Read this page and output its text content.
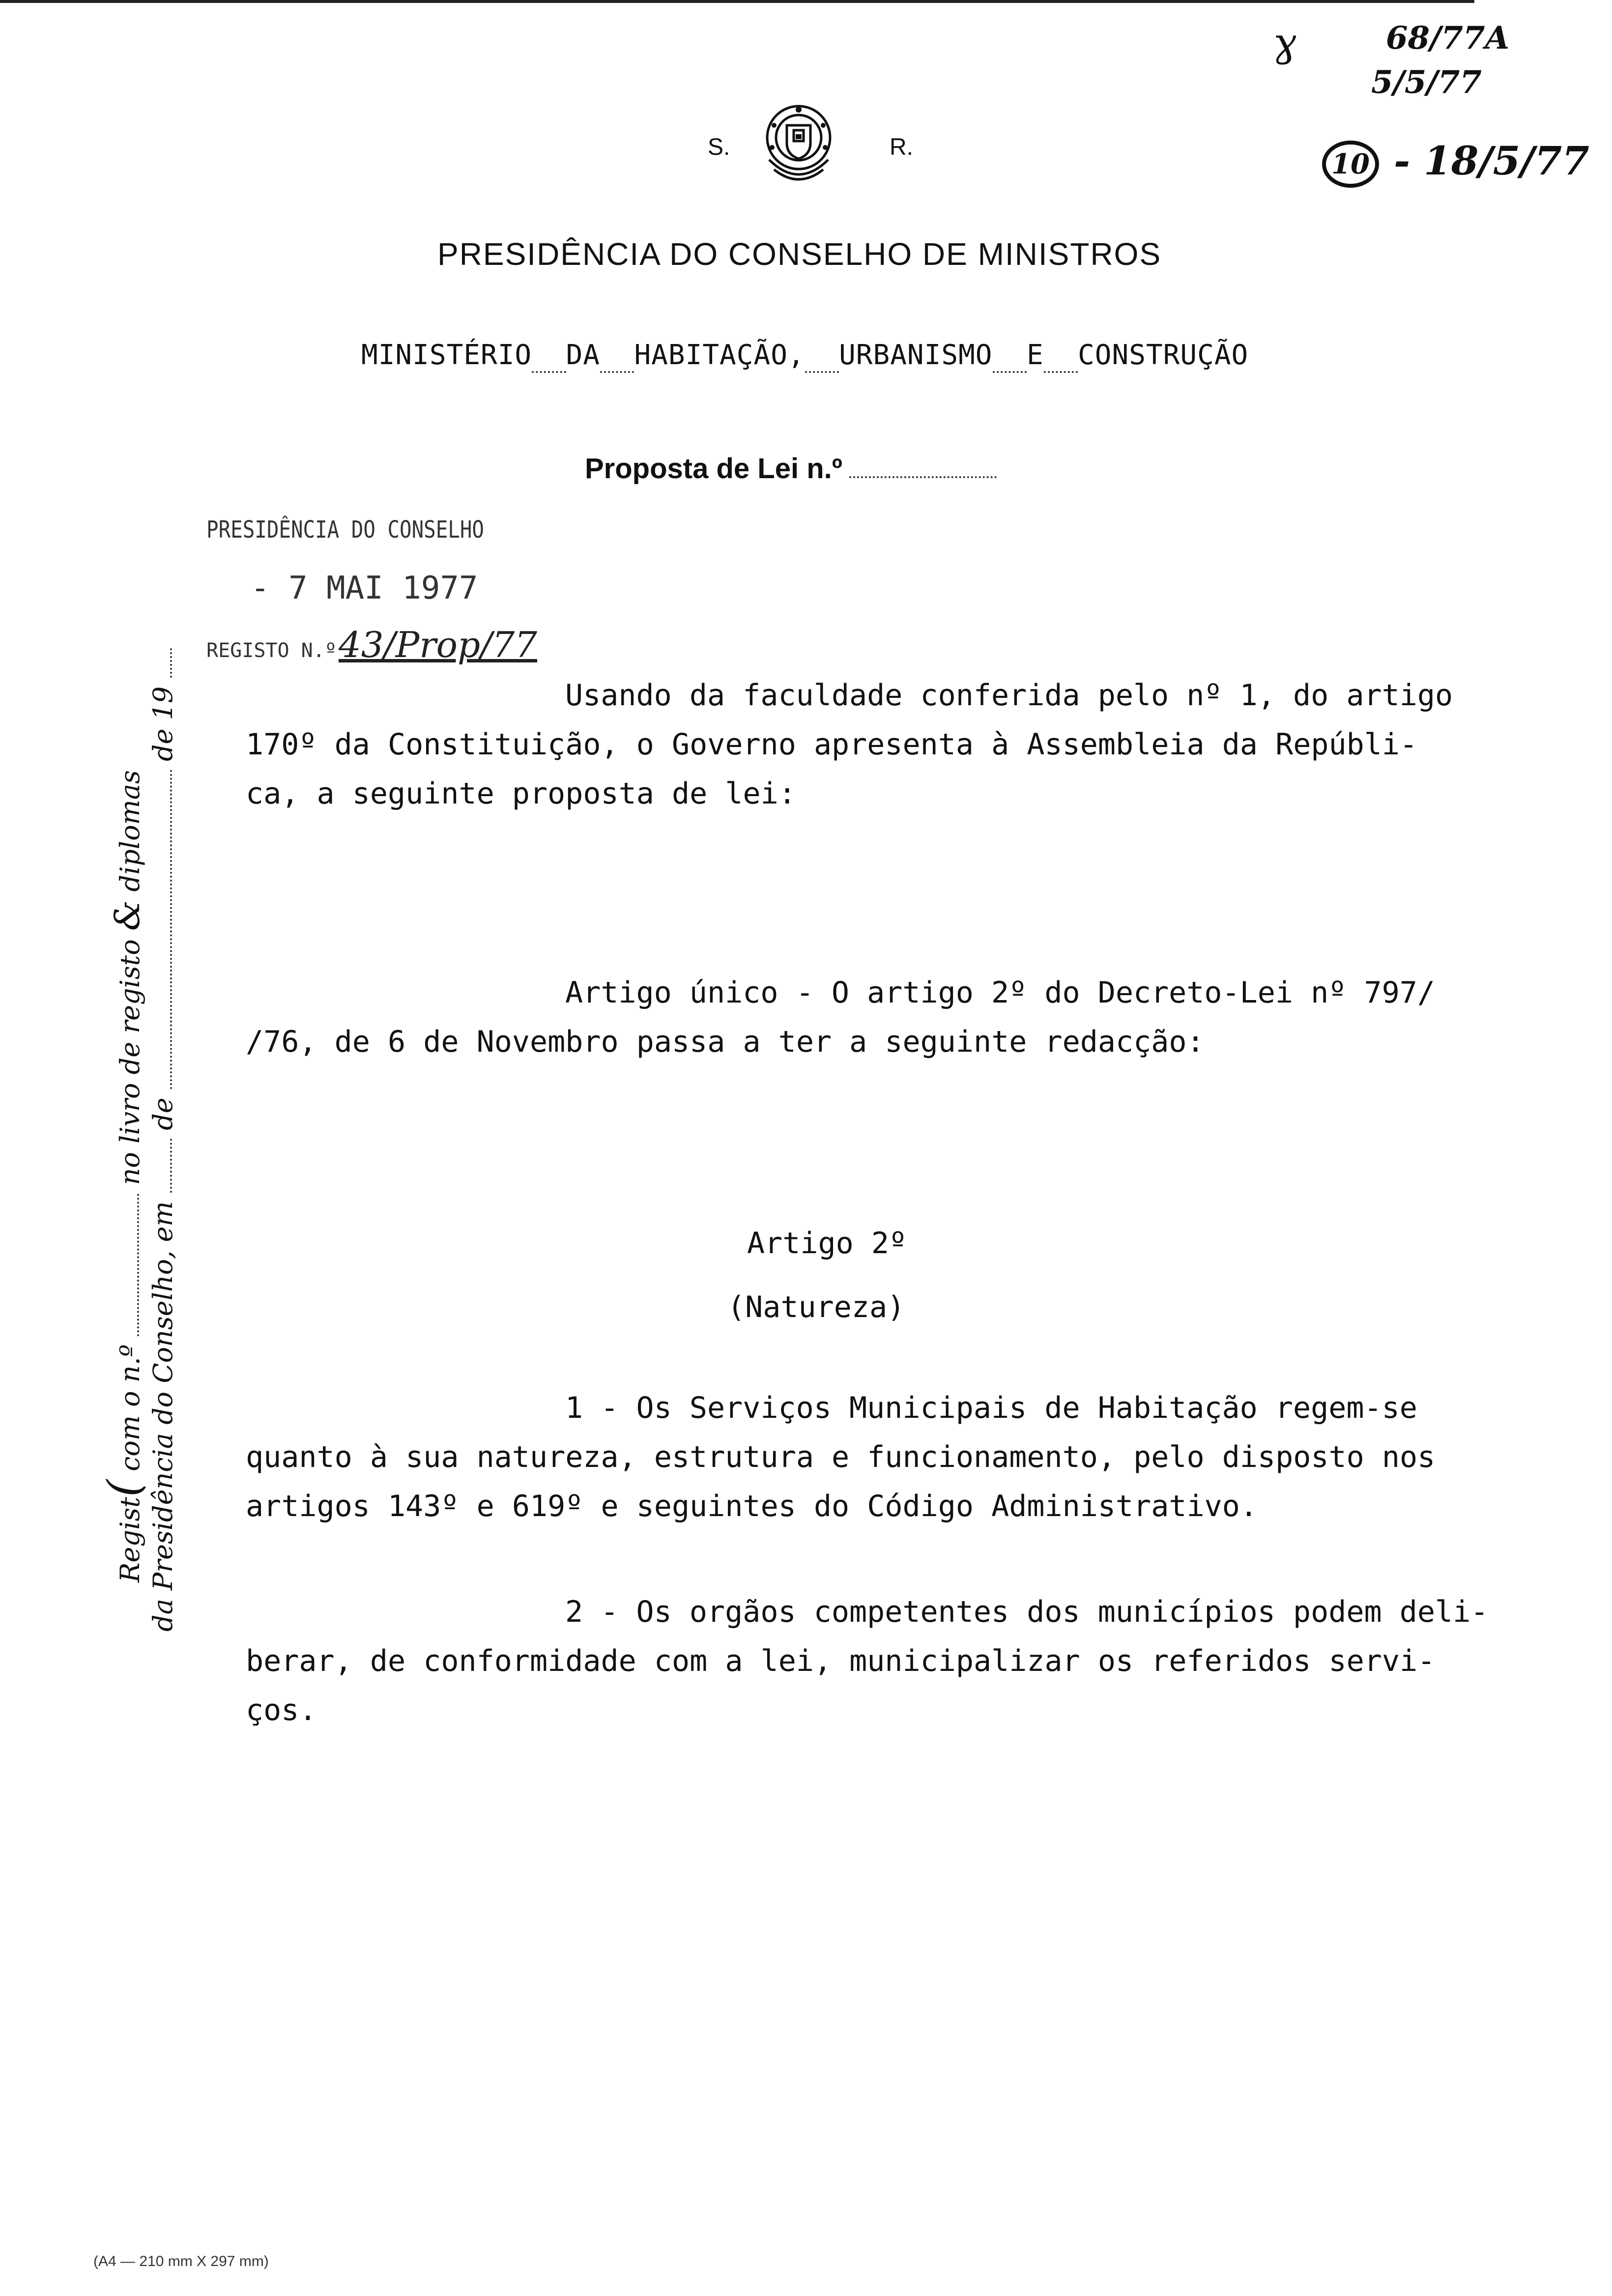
ɣ	68/77A
5/5/77
10 - 18/5/77
S.	R.
PRESIDÊNCIA DO CONSELHO DE MINISTROS
MINISTÉRIO DA HABITAÇÃO, URBANISMO E CONSTRUÇÃO
Proposta de Lei n.º
PRESIDÊNCIA DO CONSELHO
- 7 MAI 1977
REGISTO N.º 43/Prop/77
Regist( com o n.º  no livro de registo & diplomas
da Presidência do Conselho, em  de  de 19	Usando da faculdade conferida pelo nº 1, do artigo
170º da Constituição, o Governo apresenta à Assembleia da Repúbli-
ca, a seguinte proposta de lei:
Artigo único - O artigo 2º do Decreto-Lei nº 797/
/76, de 6 de Novembro passa a ter a seguinte redacção:
Artigo 2º
(Natureza)
1 - Os Serviços Municipais de Habitação regem-se
quanto à sua natureza, estrutura e funcionamento, pelo disposto nos
artigos 143º e 619º e seguintes do Código Administrativo.
2 - Os orgãos competentes dos municípios podem deli-
berar, de conformidade com a lei, municipalizar os referidos servi-
ços.
(A4 — 210 mm X 297 mm)
